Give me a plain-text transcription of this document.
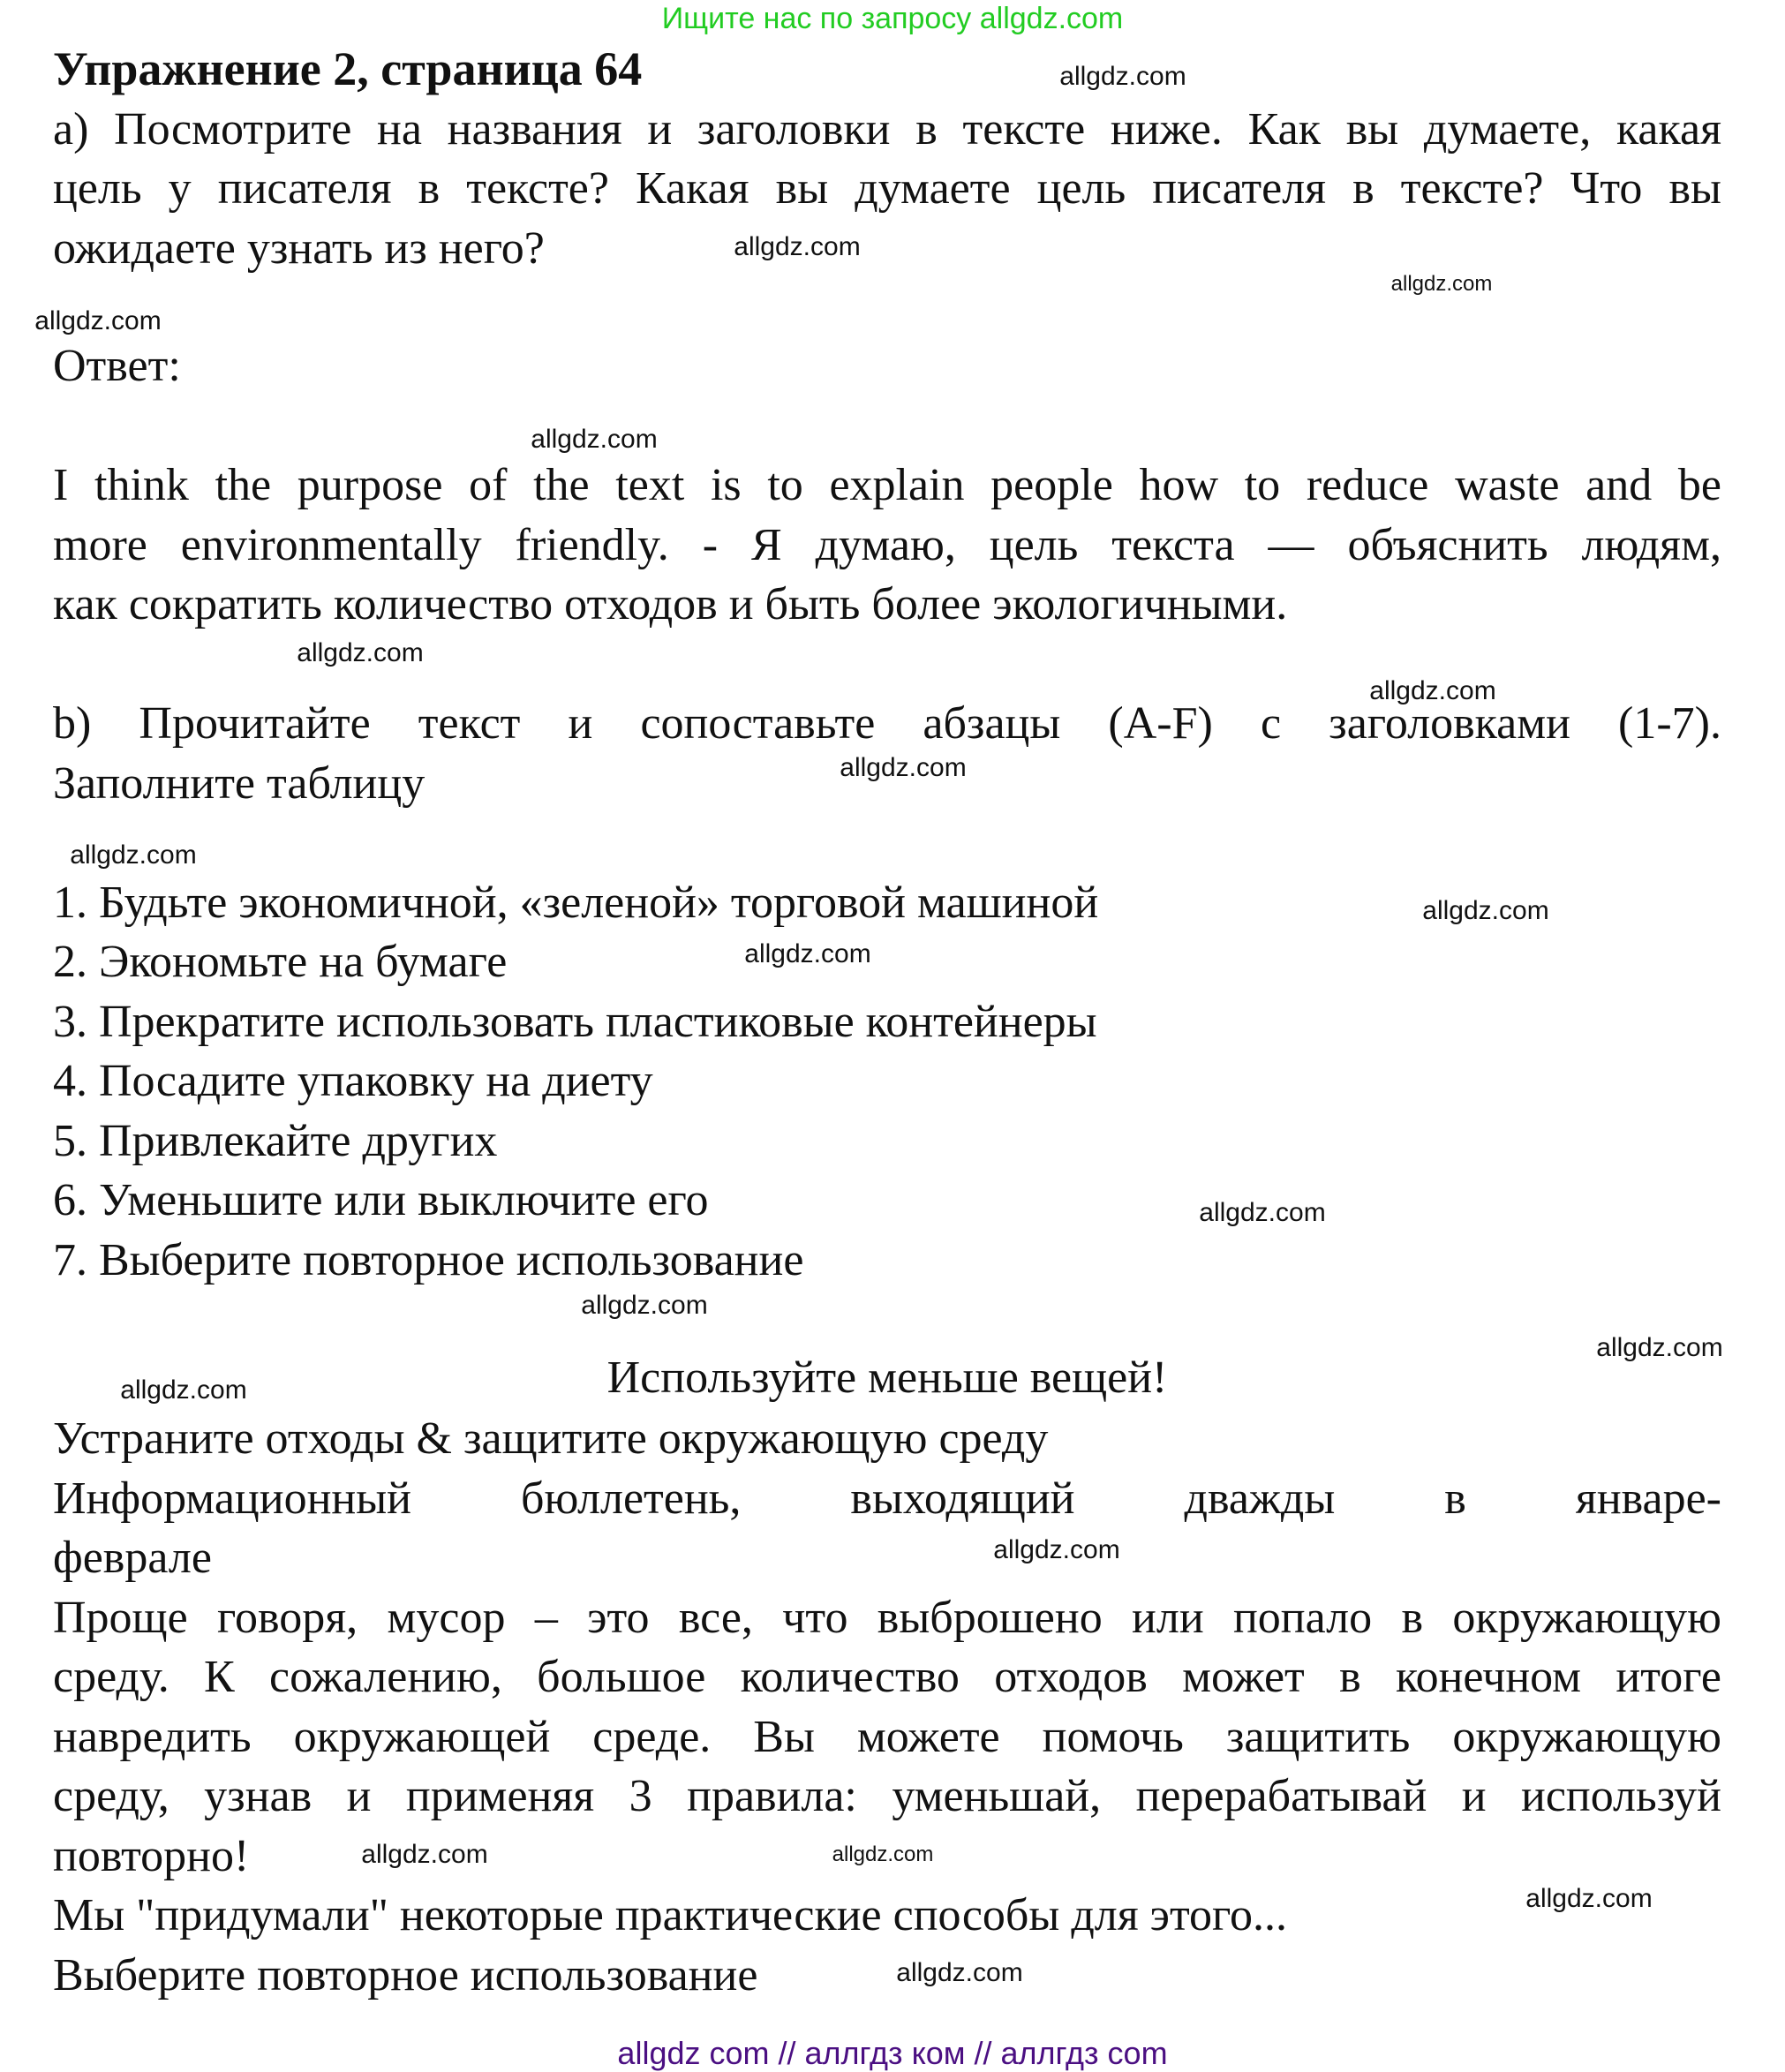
Ищите нас по запросу allgdz.com
Упражнение 2, страница 64
a) Посмотрите на названия и заголовки в тексте ниже. Как вы думаете, какая
цель у писателя в тексте? Какая вы думаете цель писателя в тексте? Что вы
ожидаете узнать из него?
Ответ:
I think the purpose of the text is to explain people how to reduce waste and be
more environmentally friendly. - Я думаю, цель текста — объяснить людям,
как сократить количество отходов и быть более экологичными.
b) Прочитайте текст и сопоставьте абзацы (A-F) с заголовками (1-7).
Заполните таблицу
1. Будьте экономичной, «зеленой» торговой машиной
2. Экономьте на бумаге
3. Прекратите использовать пластиковые контейнеры
4. Посадите упаковку на диету
5. Привлекайте других
6. Уменьшите или выключите его
7. Выберите повторное использование
Используйте меньше вещей!
Устраните отходы & защитите окружающую среду
Информационный бюллетень, выходящий дважды в январе-
феврале
Проще говоря, мусор – это все, что выброшено или попало в окружающую
среду. К сожалению, большое количество отходов может в конечном итоге
навредить окружающей среде. Вы можете помочь защитить окружающую
среду, узнав и применяя 3 правила: уменьшай, перерабатывай и используй
повторно!
Мы "придумали" некоторые практические способы для этого...
Выберите повторное использование
allgdz.com
allgdz.com
allgdz.com
allgdz.com
allgdz.com
allgdz.com
allgdz.com
allgdz.com
allgdz.com
allgdz.com
allgdz.com
allgdz.com
allgdz.com
allgdz.com
allgdz.com
allgdz.com
allgdz.com
allgdz.com
allgdz.com
allgdz.com
allgdz com // аллгдз ком // аллгдз com
